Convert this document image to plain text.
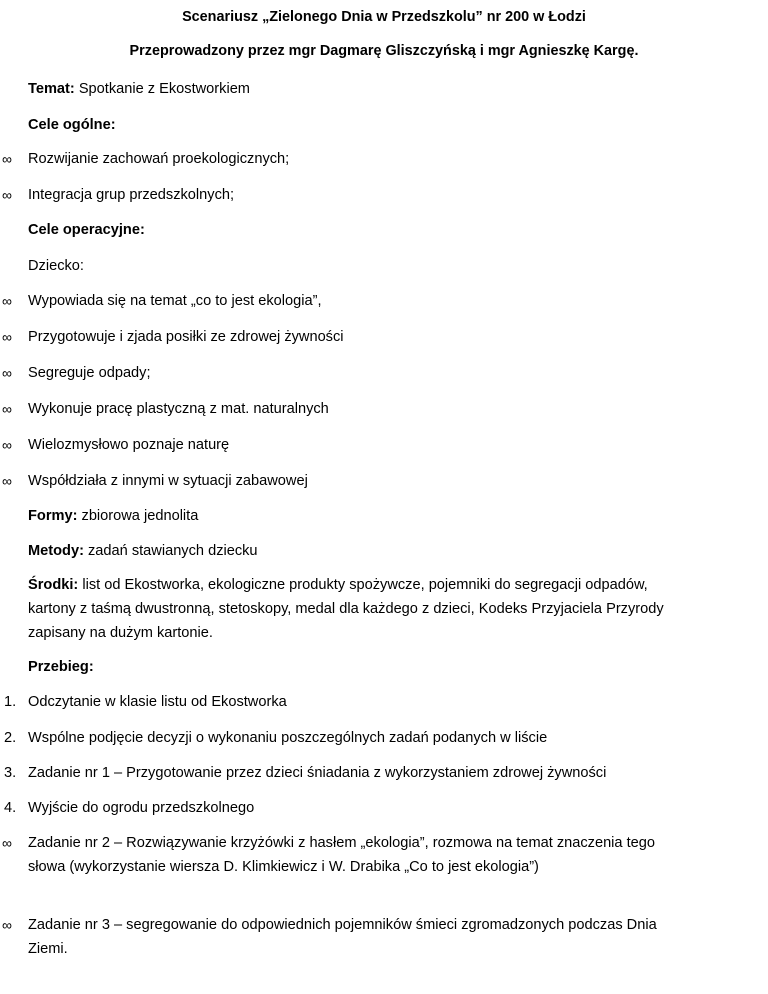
Scenariusz „Zielonego Dnia w Przedszkolu” nr 200 w Łodzi
Przeprowadzony przez mgr Dagmarę Gliszczyńską i mgr Agnieszkę Kargę.
Temat: Spotkanie z Ekostworkiem
Cele ogólne:
∞	Rozwijanie zachowań proekologicznych;
∞	Integracja grup przedszkolnych;
Cele operacyjne:
Dziecko:
∞	Wypowiada się na temat „co to jest ekologia”,
∞	Przygotowuje i zjada posiłki ze zdrowej żywności
∞	Segreguje odpady;
∞	Wykonuje pracę plastyczną z mat. naturalnych
∞	Wielozmysłowo poznaje naturę
∞	Współdziała z innymi w sytuacji zabawowej
Formy: zbiorowa jednolita
Metody: zadań stawianych dziecku
Środki: list od Ekostworka, ekologiczne produkty spożywcze, pojemniki do segregacji odpadów, kartony z taśmą dwustronną, stetoskopy, medal dla każdego z dzieci, Kodeks Przyjaciela Przyrody zapisany na dużym kartonie.
Przebieg:
1. Odczytanie w klasie listu od Ekostworka
2. Wspólne podjęcie decyzji o wykonaniu poszczególnych zadań podanych w liście
3. Zadanie nr 1 – Przygotowanie przez dzieci śniadania z wykorzystaniem zdrowej żywności
4. Wyjście do ogrodu przedszkolnego
∞	Zadanie nr 2 – Rozwiązywanie krzyżówki z hasłem „ekologia”, rozmowa na temat znaczenia tego słowa (wykorzystanie wiersza D. Klimkiewicz i W. Drabika „Co to jest ekologia”)
∞	Zadanie nr 3 – segregowanie do odpowiednich pojemników śmieci zgromadzonych podczas Dnia Ziemi.
